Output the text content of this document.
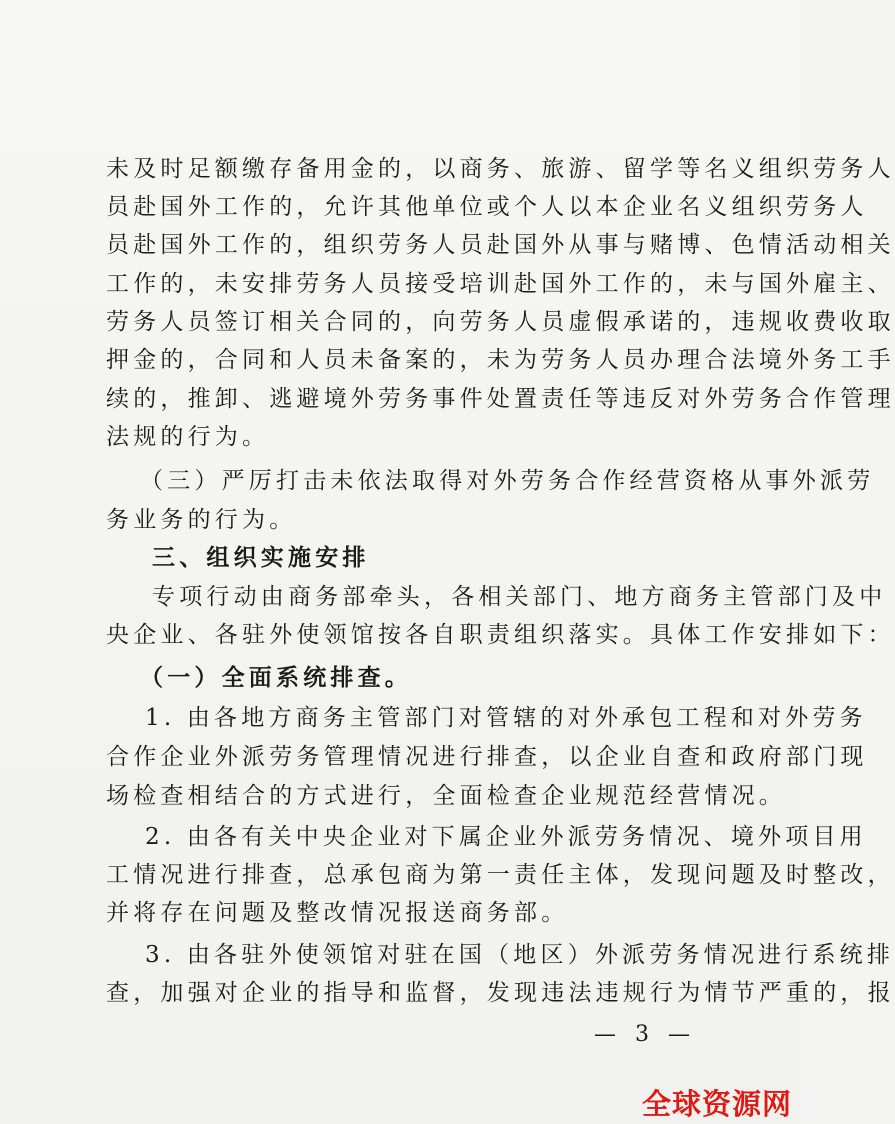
未及时足额缴存备用金的，以商务、旅游、留学等名义组织劳务人
员赴国外工作的，允许其他单位或个人以本企业名义组织劳务人
员赴国外工作的，组织劳务人员赴国外从事与赌博、色情活动相关
工作的，未安排劳务人员接受培训赴国外工作的，未与国外雇主、
劳务人员签订相关合同的，向劳务人员虚假承诺的，违规收费收取
押金的，合同和人员未备案的，未为劳务人员办理合法境外务工手
续的，推卸、逃避境外劳务事件处置责任等违反对外劳务合作管理
法规的行为。
（三）严厉打击未依法取得对外劳务合作经营资格从事外派劳
务业务的行为。
三、组织实施安排
专项行动由商务部牵头，各相关部门、地方商务主管部门及中
央企业、各驻外使领馆按各自职责组织落实。具体工作安排如下：
（一）全面系统排查。
1. 由各地方商务主管部门对管辖的对外承包工程和对外劳务
合作企业外派劳务管理情况进行排查，以企业自查和政府部门现
场检查相结合的方式进行，全面检查企业规范经营情况。
2. 由各有关中央企业对下属企业外派劳务情况、境外项目用
工情况进行排查，总承包商为第一责任主体，发现问题及时整改，
并将存在问题及整改情况报送商务部。
3. 由各驻外使领馆对驻在国（地区）外派劳务情况进行系统排
查，加强对企业的指导和监督，发现违法违规行为情节严重的，报
— 3 —
全球资源网
